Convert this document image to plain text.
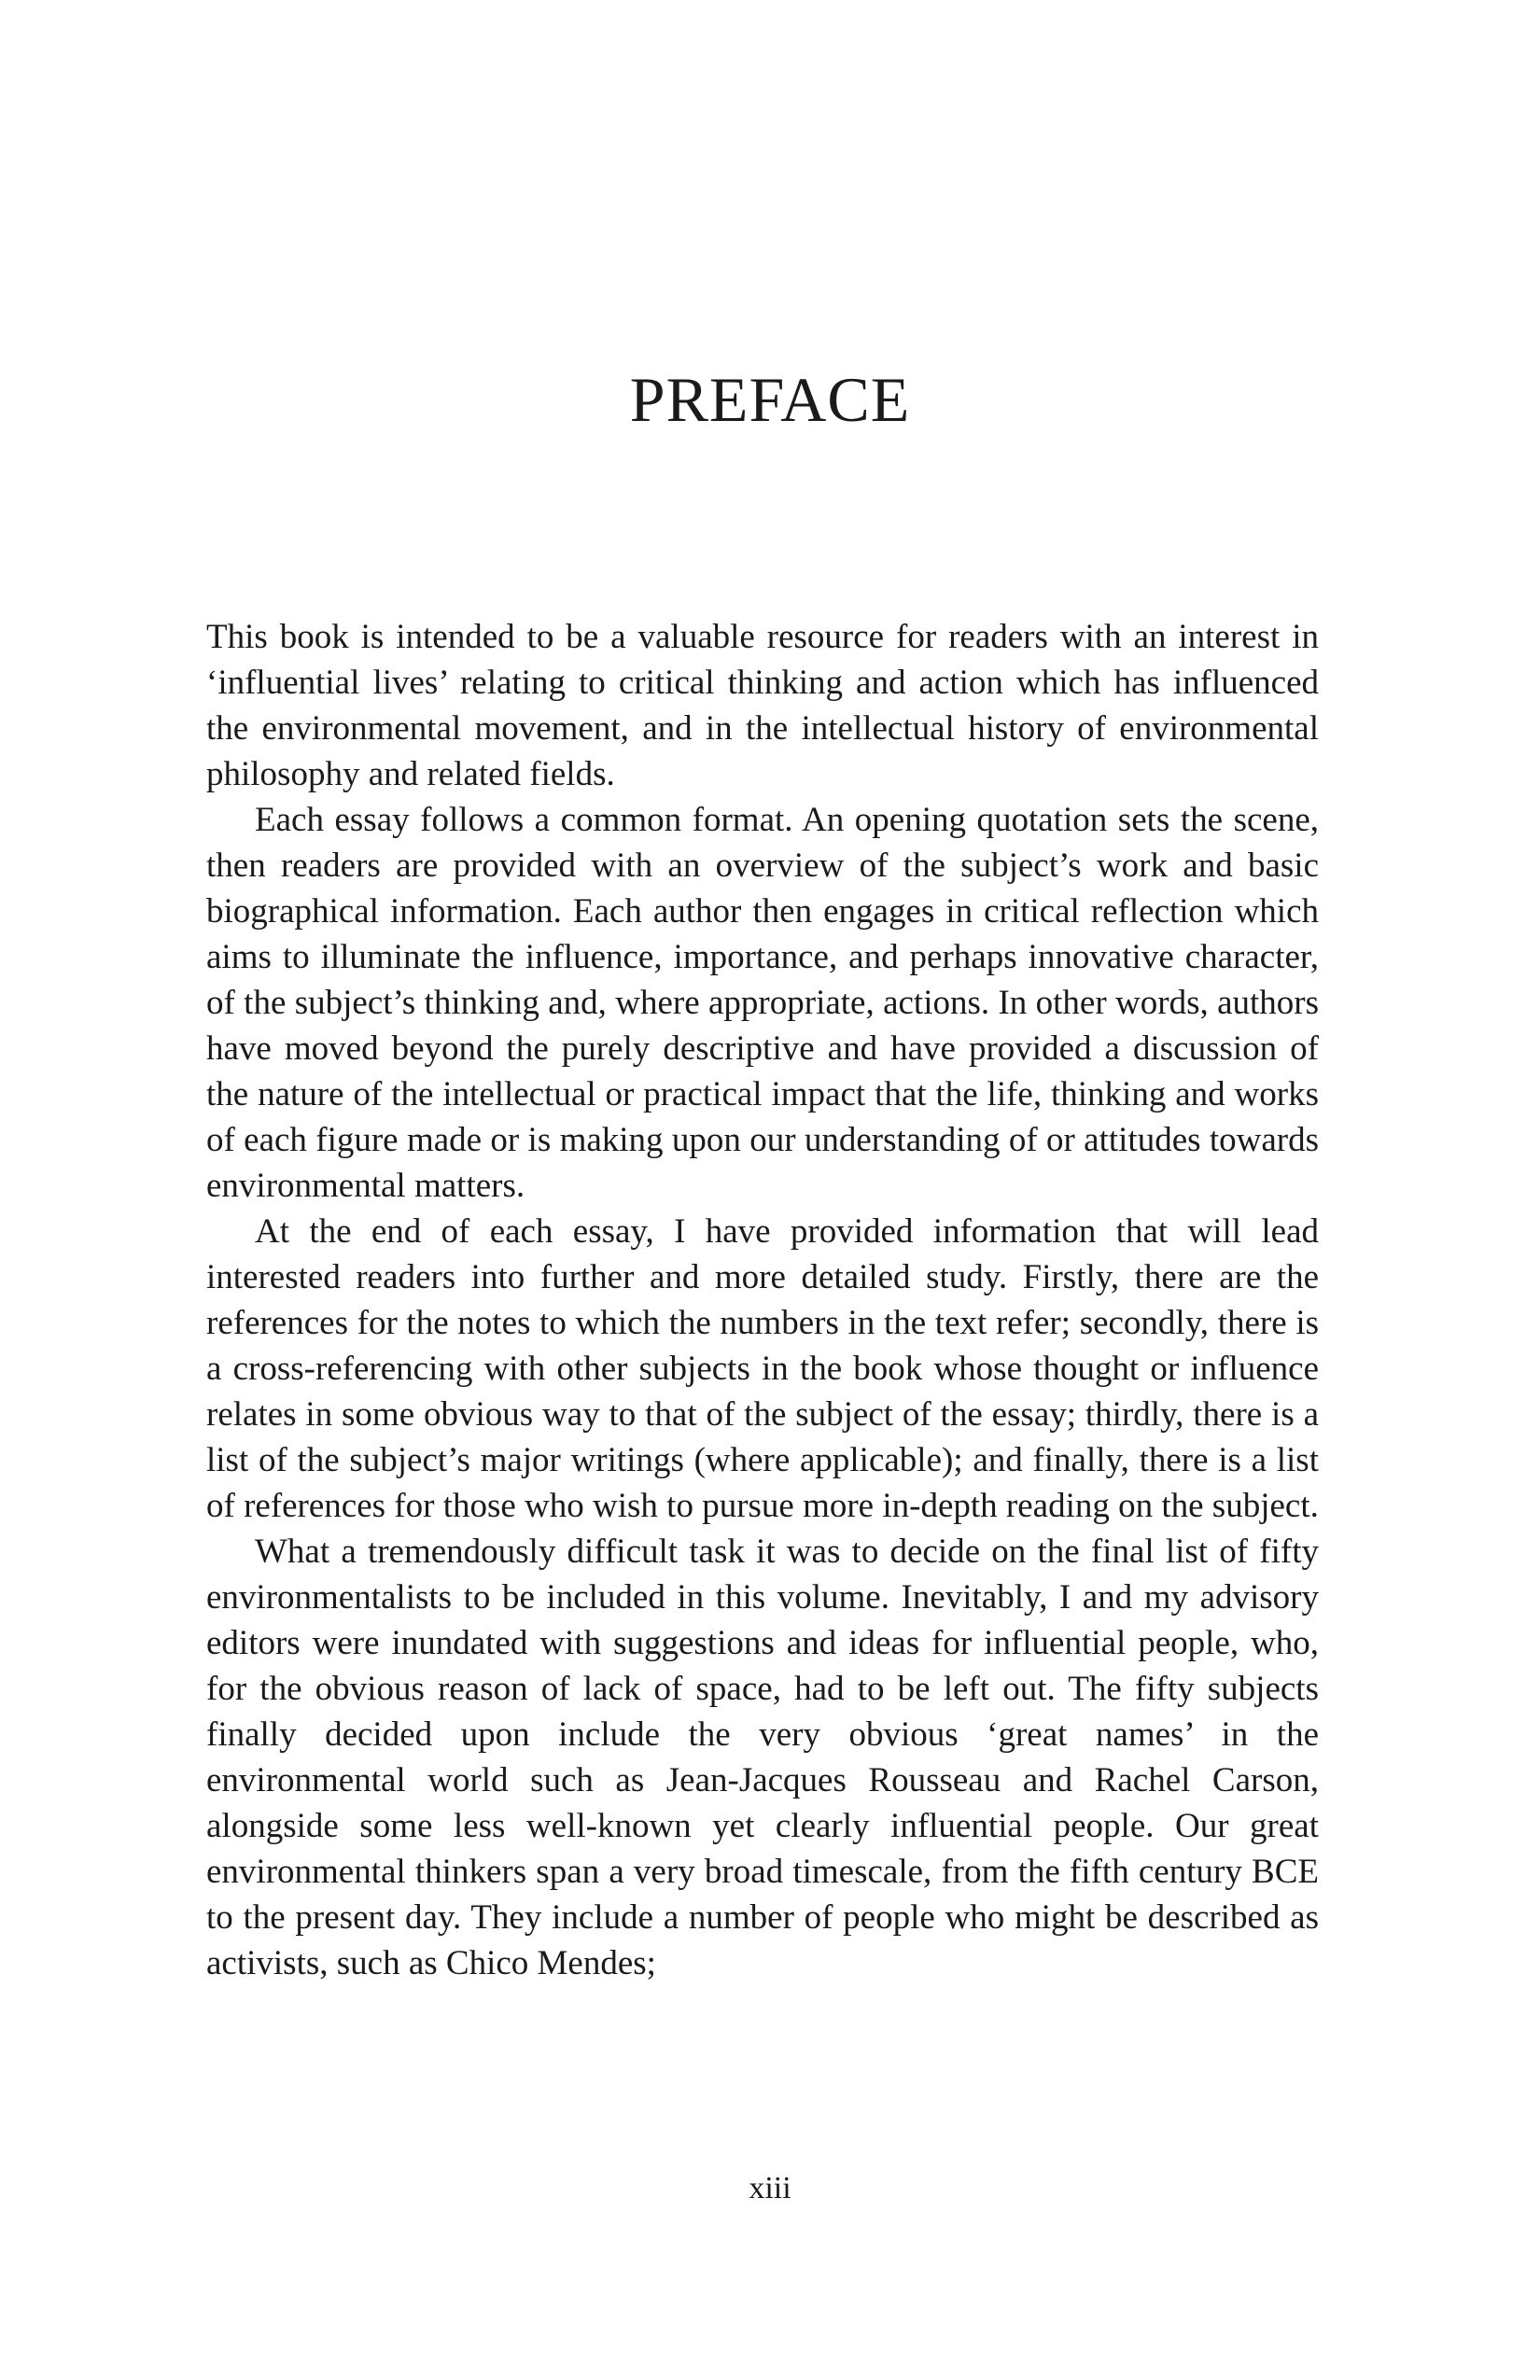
PREFACE

This book is intended to be a valuable resource for readers with an interest in ‘influential lives’ relating to critical thinking and action which has influenced the environmental movement, and in the intellectual history of environmental philosophy and related fields.

Each essay follows a common format. An opening quotation sets the scene, then readers are provided with an overview of the subject’s work and basic biographical information. Each author then engages in critical reflection which aims to illuminate the influence, importance, and perhaps innovative character, of the subject’s thinking and, where appropriate, actions. In other words, authors have moved beyond the purely descriptive and have provided a discussion of the nature of the intellectual or practical impact that the life, thinking and works of each figure made or is making upon our understanding of or attitudes towards environmental matters.

At the end of each essay, I have provided information that will lead interested readers into further and more detailed study. Firstly, there are the references for the notes to which the numbers in the text refer; secondly, there is a cross-referencing with other subjects in the book whose thought or influence relates in some obvious way to that of the subject of the essay; thirdly, there is a list of the subject’s major writings (where applicable); and finally, there is a list of references for those who wish to pursue more in-depth reading on the subject.

What a tremendously difficult task it was to decide on the final list of fifty environmentalists to be included in this volume. Inevitably, I and my advisory editors were inundated with suggestions and ideas for influential people, who, for the obvious reason of lack of space, had to be left out. The fifty subjects finally decided upon include the very obvious ‘great names’ in the environmental world such as Jean-Jacques Rousseau and Rachel Carson, alongside some less well-known yet clearly influential people. Our great environmental thinkers span a very broad timescale, from the fifth century BCE to the present day. They include a number of people who might be described as activists, such as Chico Mendes;

xiii
